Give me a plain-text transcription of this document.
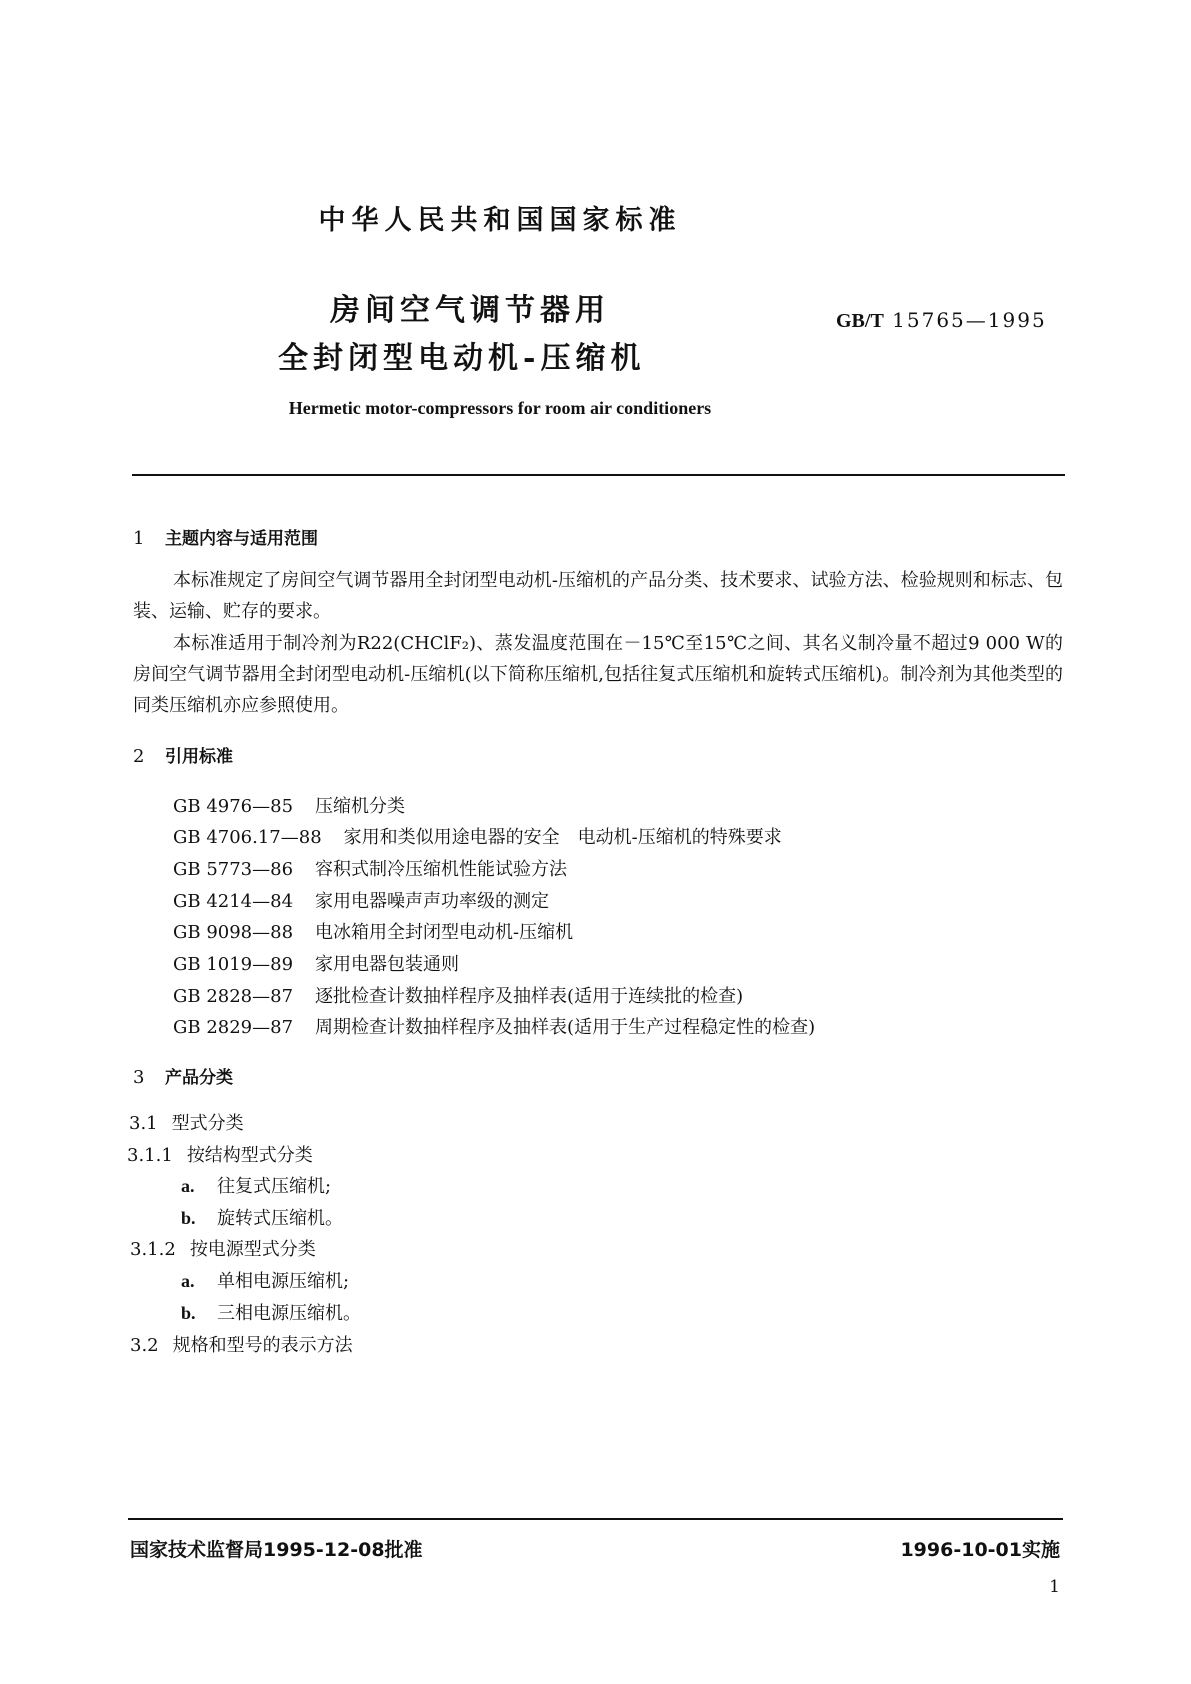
中华人民共和国国家标准
房间空气调节器用
全封闭型电动机-压缩机
GB/T 15765—1995
Hermetic motor-compressors for room air conditioners
1 主题内容与适用范围
本标准规定了房间空气调节器用全封闭型电动机-压缩机的产品分类、技术要求、试验方法、检验规则和标志、包装、运输、贮存的要求。
本标准适用于制冷剂为R22(CHClF₂)、蒸发温度范围在－15℃至15℃之间、其名义制冷量不超过9 000 W的房间空气调节器用全封闭型电动机-压缩机(以下简称压缩机,包括往复式压缩机和旋转式压缩机)。制冷剂为其他类型的同类压缩机亦应参照使用。
2 引用标准
GB 4976—85 压缩机分类
GB 4706.17—88 家用和类似用途电器的安全　电动机-压缩机的特殊要求
GB 5773—86 容积式制冷压缩机性能试验方法
GB 4214—84 家用电器噪声声功率级的测定
GB 9098—88 电冰箱用全封闭型电动机-压缩机
GB 1019—89 家用电器包装通则
GB 2828—87 逐批检查计数抽样程序及抽样表(适用于连续批的检查)
GB 2829—87 周期检查计数抽样程序及抽样表(适用于生产过程稳定性的检查)
3 产品分类
3.1 型式分类
3.1.1 按结构型式分类
a. 往复式压缩机;
b. 旋转式压缩机。
3.1.2 按电源型式分类
a. 单相电源压缩机;
b. 三相电源压缩机。
3.2 规格和型号的表示方法
国家技术监督局1995-12-08批准	1996-10-01实施
1
